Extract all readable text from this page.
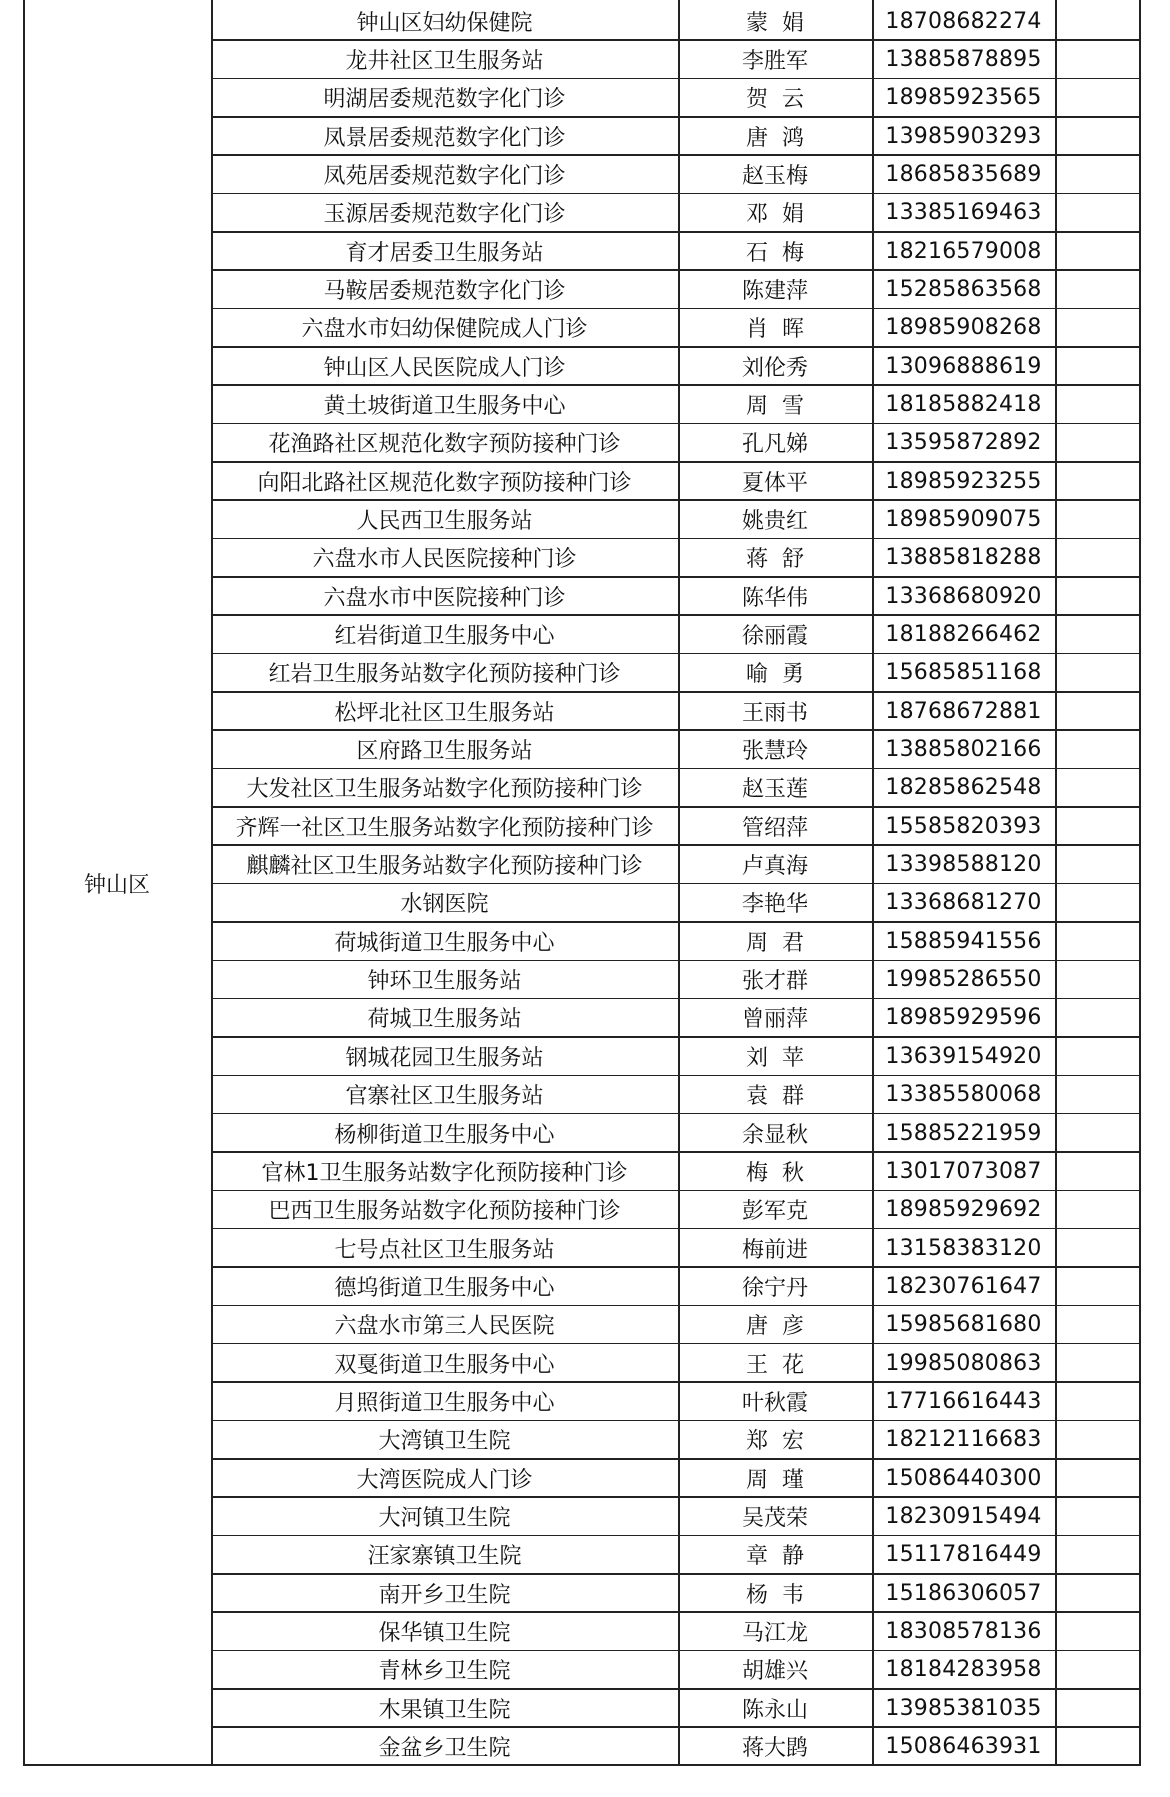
钟山区
钟山区妇幼保健院	蒙  娟	18708682274
龙井社区卫生服务站	李胜军	13885878895
明湖居委规范数字化门诊	贺  云	18985923565
凤景居委规范数字化门诊	唐  鸿	13985903293
凤苑居委规范数字化门诊	赵玉梅	18685835689
玉源居委规范数字化门诊	邓  娟	13385169463
育才居委卫生服务站	石  梅	18216579008
马鞍居委规范数字化门诊	陈建萍	15285863568
六盘水市妇幼保健院成人门诊	肖  晖	18985908268
钟山区人民医院成人门诊	刘伦秀	13096888619
黄土坡街道卫生服务中心	周  雪	18185882418
花渔路社区规范化数字预防接种门诊	孔凡娣	13595872892
向阳北路社区规范化数字预防接种门诊	夏体平	18985923255
人民西卫生服务站	姚贵红	18985909075
六盘水市人民医院接种门诊	蒋  舒	13885818288
六盘水市中医院接种门诊	陈华伟	13368680920
红岩街道卫生服务中心	徐丽霞	18188266462
红岩卫生服务站数字化预防接种门诊	喻  勇	15685851168
松坪北社区卫生服务站	王雨书	18768672881
区府路卫生服务站	张慧玲	13885802166
大发社区卫生服务站数字化预防接种门诊	赵玉莲	18285862548
齐辉一社区卫生服务站数字化预防接种门诊	管绍萍	15585820393
麒麟社区卫生服务站数字化预防接种门诊	卢真海	13398588120
水钢医院	李艳华	13368681270
荷城街道卫生服务中心	周  君	15885941556
钟环卫生服务站	张才群	19985286550
荷城卫生服务站	曾丽萍	18985929596
钢城花园卫生服务站	刘  苹	13639154920
官寨社区卫生服务站	袁  群	13385580068
杨柳街道卫生服务中心	余显秋	15885221959
官林1卫生服务站数字化预防接种门诊	梅  秋	13017073087
巴西卫生服务站数字化预防接种门诊	彭军克	18985929692
七号点社区卫生服务站	梅前进	13158383120
德坞街道卫生服务中心	徐宁丹	18230761647
六盘水市第三人民医院	唐  彦	15985681680
双戛街道卫生服务中心	王  花	19985080863
月照街道卫生服务中心	叶秋霞	17716616443
大湾镇卫生院	郑  宏	18212116683
大湾医院成人门诊	周  瑾	15086440300
大河镇卫生院	吴茂荣	18230915494
汪家寨镇卫生院	章  静	15117816449
南开乡卫生院	杨  韦	15186306057
保华镇卫生院	马江龙	18308578136
青林乡卫生院	胡雄兴	18184283958
木果镇卫生院	陈永山	13985381035
金盆乡卫生院	蒋大鹍	15086463931
